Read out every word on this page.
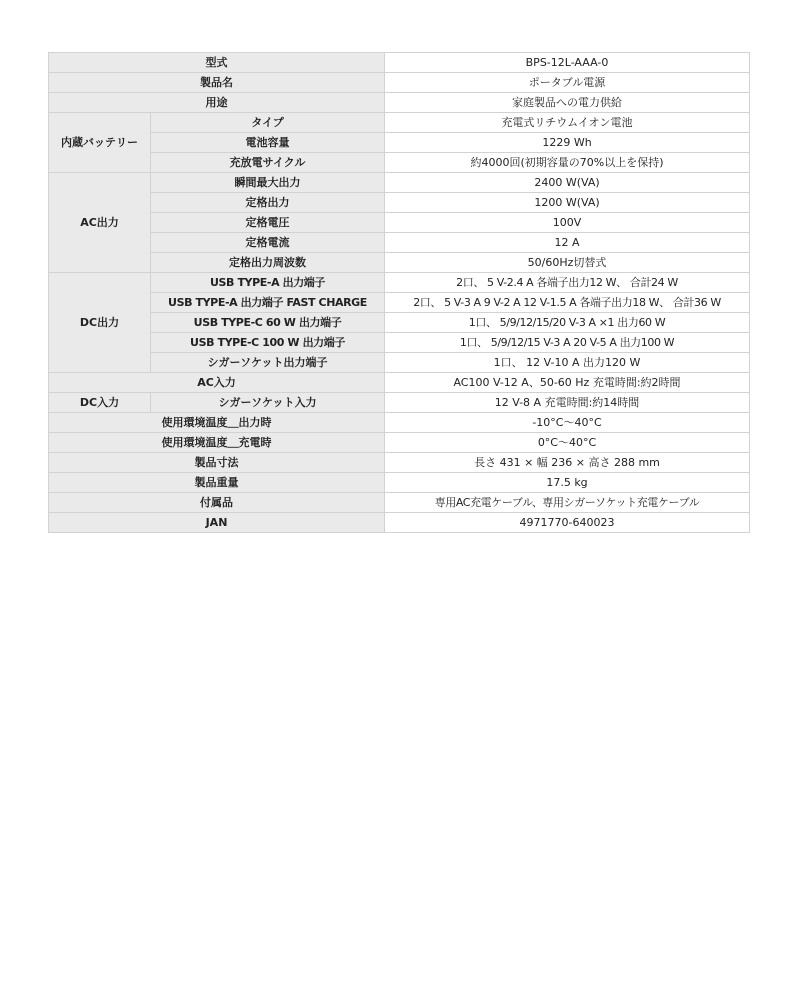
型式		BPS-12L-AAA-0
製品名		ポータブル電源
用途		家庭製品への電力供給
内蔵バッテリー	タイプ	充電式リチウムイオン電池
	電池容量	1229 Wh
	充放電サイクル	約4000回(初期容量の70%以上を保持)
AC出力	瞬間最大出力	2400 W(VA)
	定格出力	1200 W(VA)
	定格電圧	100V
	定格電流	12 A
	定格出力周波数	50/60Hz切替式
DC出力	USB TYPE-A 出力端子	2口、 5 V-2.4 A 各端子出力12 W、 合計24 W
	USB TYPE-A 出力端子 FAST CHARGE	2口、 5 V-3 A 9 V-2 A 12 V-1.5 A 各端子出力18 W、 合計36 W
	USB TYPE-C 60 W 出力端子	1口、 5/9/12/15/20 V-3 A ×1 出力60 W
	USB TYPE-C 100 W 出力端子	1口、 5/9/12/15 V-3 A 20 V-5 A 出力100 W
	シガーソケット出力端子	1口、 12 V-10 A 出力120 W
AC入力		AC100 V-12 A、50-60 Hz 充電時間:約2時間
DC入力	シガーソケット入力	12 V-8 A 充電時間:約14時間
使用環境温度＿出力時		-10°C〜40°C
使用環境温度＿充電時		0°C〜40°C
製品寸法		長さ 431 × 幅 236 × 高さ 288 mm
製品重量		17.5 kg
付属品		専用AC充電ケーブル、専用シガーソケット充電ケーブル
JAN		4971770-640023
